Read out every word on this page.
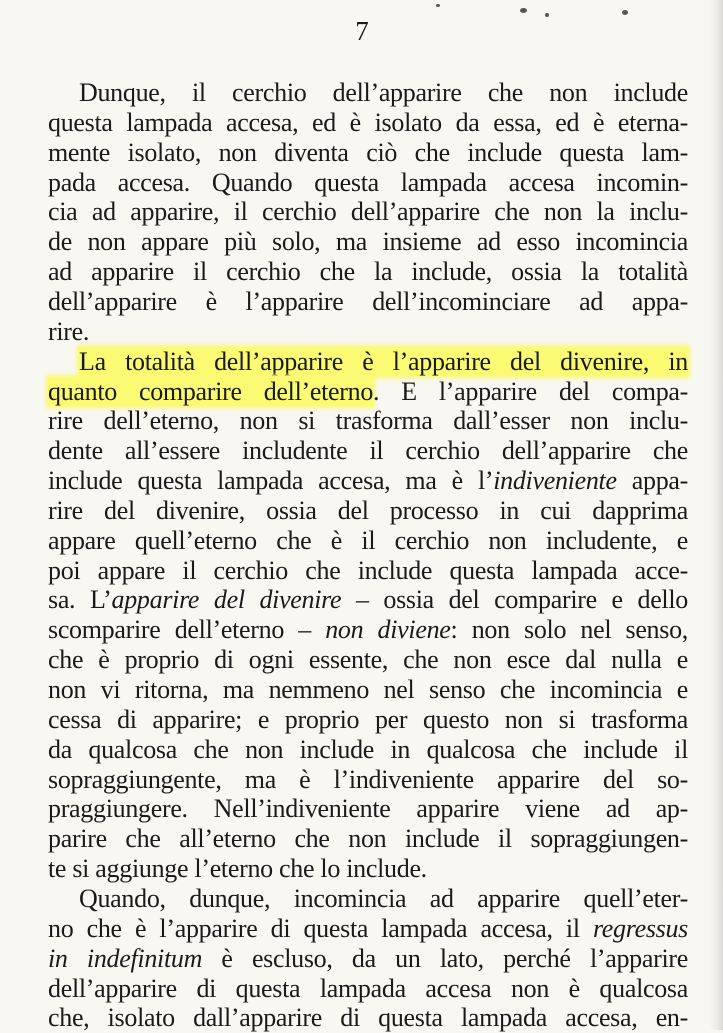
7
Dunque, il cerchio dell’apparire che non include
questa lampada accesa, ed è isolato da essa, ed è eterna-
mente isolato, non diventa ciò che include questa lam-
pada accesa. Quando questa lampada accesa incomin-
cia ad apparire, il cerchio dell’apparire che non la inclu-
de non appare più solo, ma insieme ad esso incomincia
ad apparire il cerchio che la include, ossia la totalità
dell’apparire è l’apparire dell’incominciare ad appa-
rire.
La totalità dell’apparire è l’apparire del divenire, in
quanto comparire dell’eterno. E l’apparire del compa-
rire dell’eterno, non si trasforma dall’esser non inclu-
dente all’essere includente il cerchio dell’apparire che
include questa lampada accesa, ma è l’indiveniente appa-
rire del divenire, ossia del processo in cui dapprima
appare quell’eterno che è il cerchio non includente, e
poi appare il cerchio che include questa lampada acce-
sa. L’apparire del divenire – ossia del comparire e dello
scomparire dell’eterno – non diviene: non solo nel senso,
che è proprio di ogni essente, che non esce dal nulla e
non vi ritorna, ma nemmeno nel senso che incomincia e
cessa di apparire; e proprio per questo non si trasforma
da qualcosa che non include in qualcosa che include il
sopraggiungente, ma è l’indiveniente apparire del so-
praggiungere. Nell’indiveniente apparire viene ad ap-
parire che all’eterno che non include il sopraggiungen-
te si aggiunge l’eterno che lo include.
Quando, dunque, incomincia ad apparire quell’eter-
no che è l’apparire di questa lampada accesa, il regressus
in indefinitum è escluso, da un lato, perché l’apparire
dell’apparire di questa lampada accesa non è qualcosa
che, isolato dall’apparire di questa lampada accesa, en-
